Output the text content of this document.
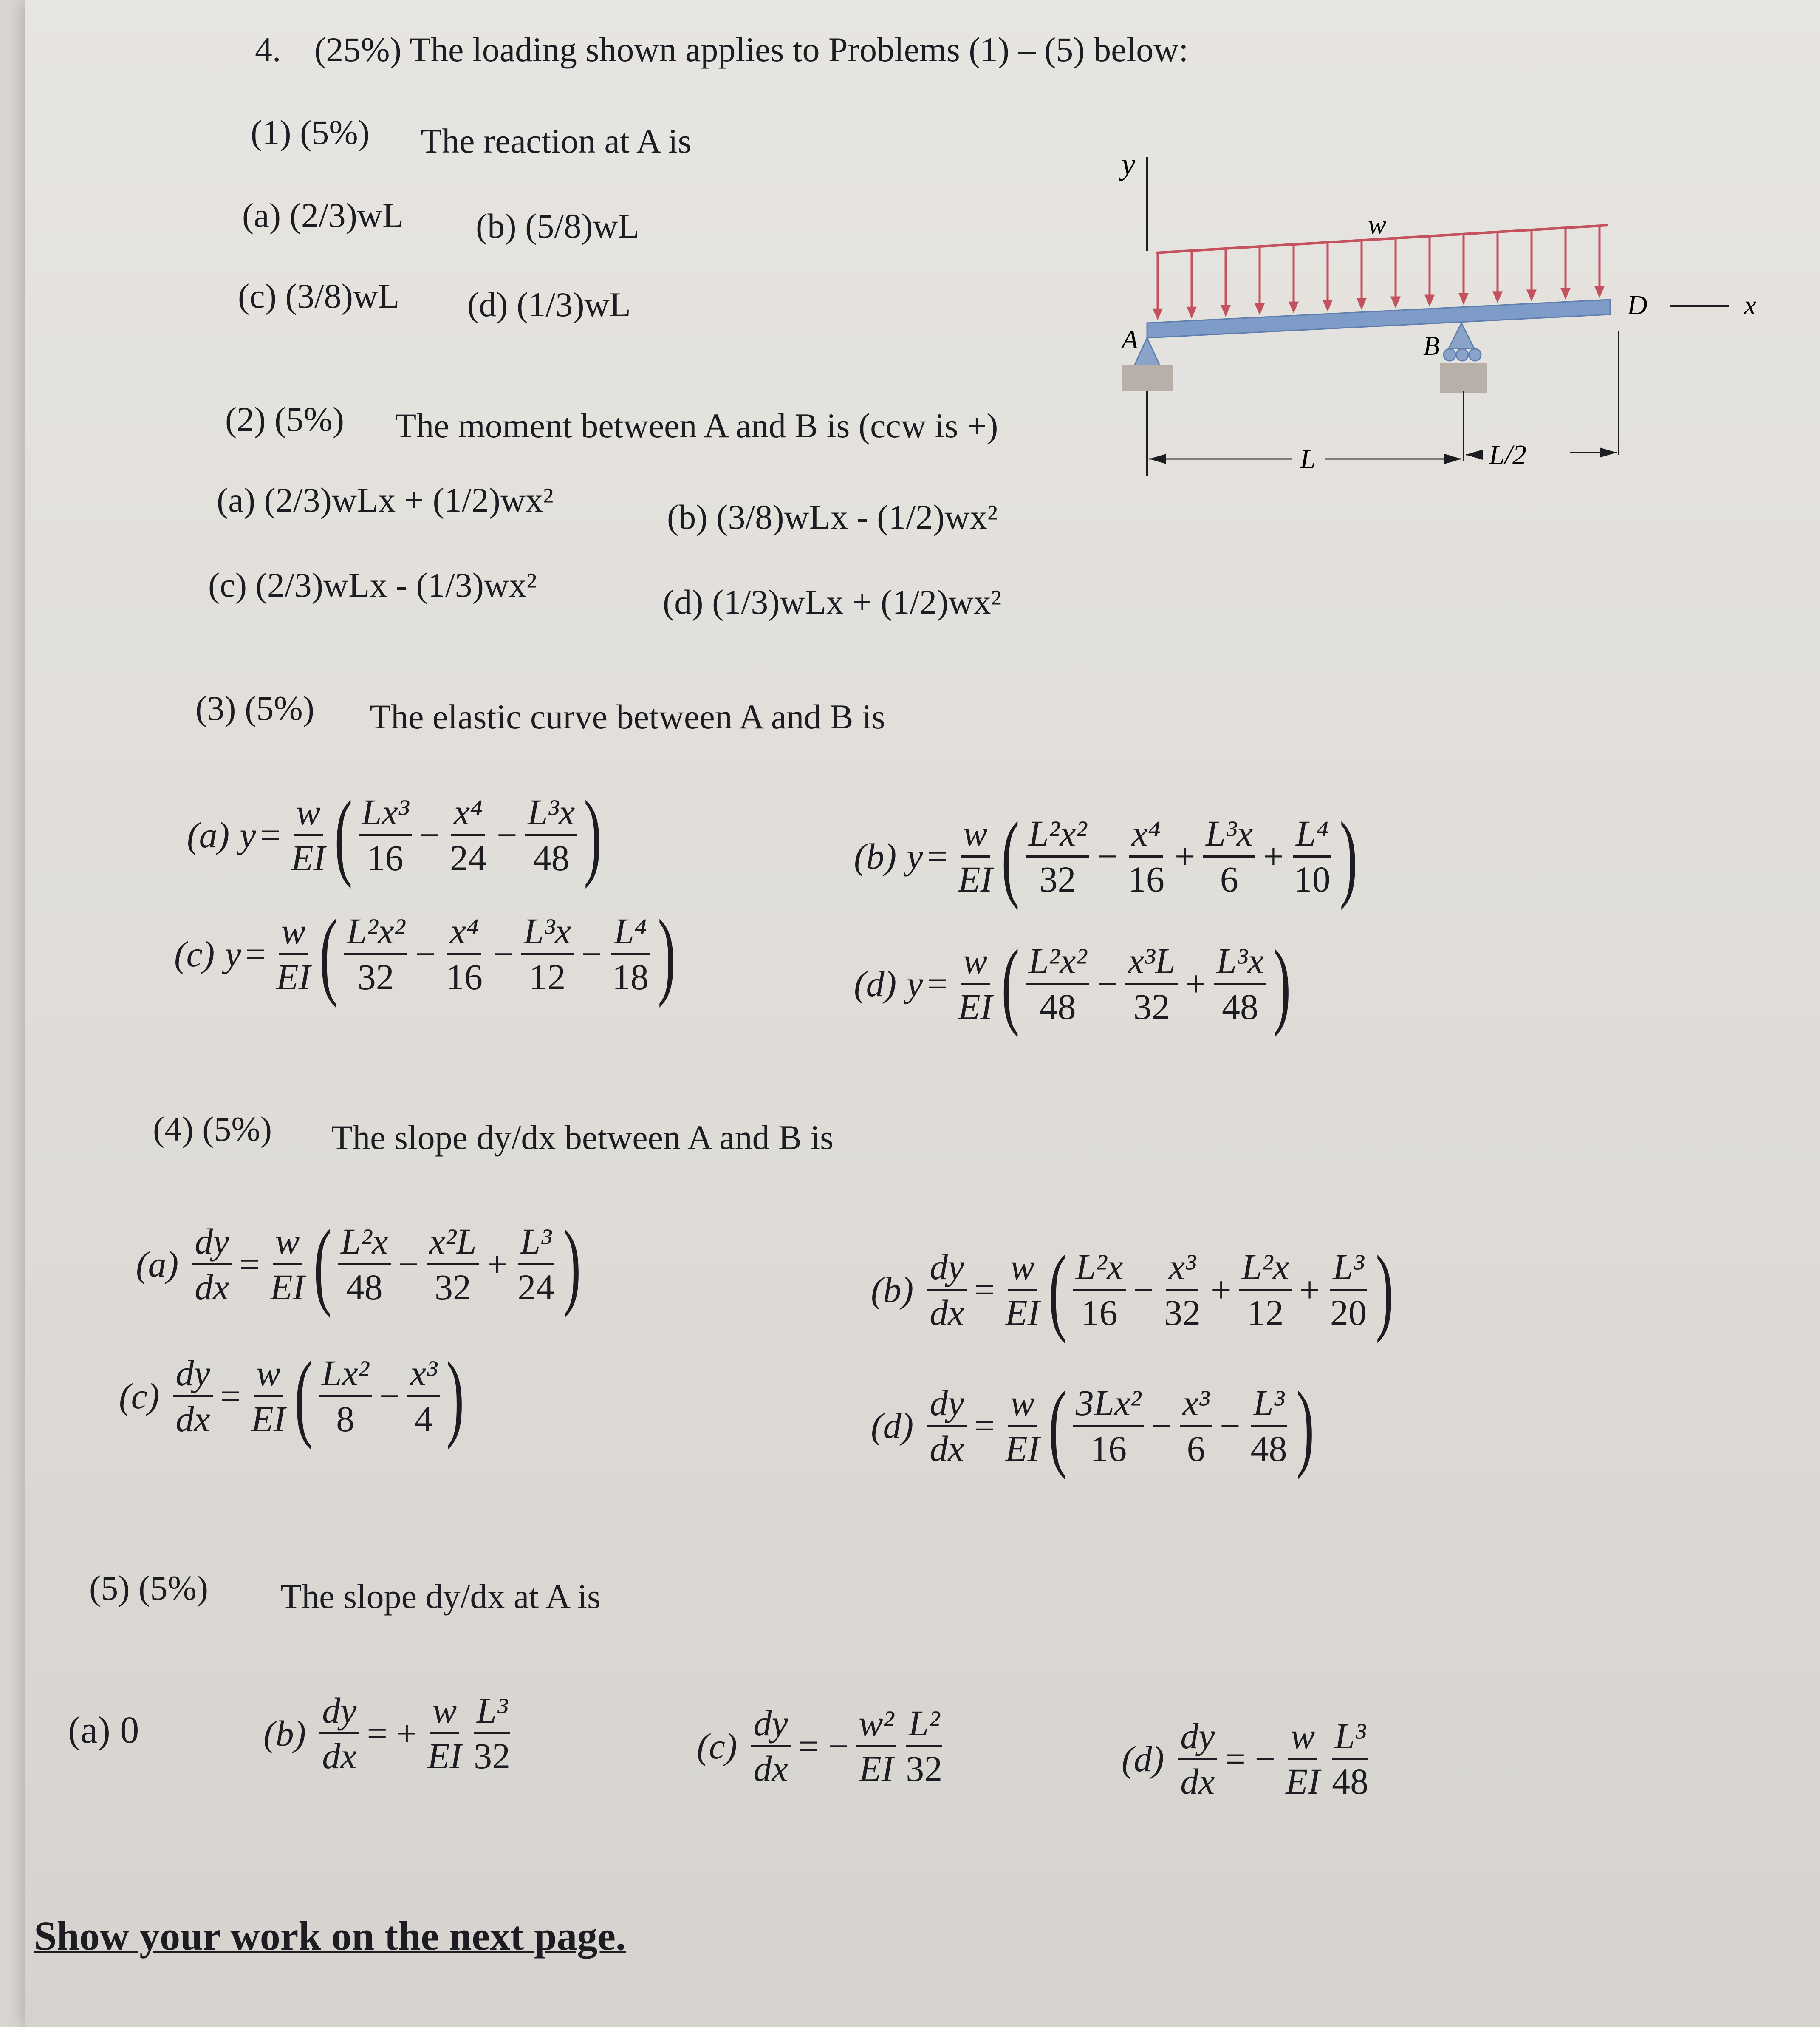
4. (25%) The loading shown applies to Problems (1) – (5) below:
(1) (5%) The reaction at A is
(a) (2/3)wL (b) (5/8)wL
(c) (3/8)wL (d) (1/3)wL
(2) (5%) The moment between A and B is (ccw is +)
(a) (2/3)wLx + (1/2)wx²	(b) (3/8)wLx - (1/2)wx²
(c) (2/3)wLx - (1/3)wx²	(d) (1/3)wLx + (1/2)wx²
(3) (5%) The elastic curve between A and B is
(a) $y = \frac{w}{EI}$ ( $\frac{\text{Lx³}}{16} - \frac{\text{x⁴}}{24} - \frac{\text{L³x}}{48}$ )	(b) $y = \frac{w}{EI}$ ( $\frac{\text{L²x²}}{32} - \frac{\text{x⁴}}{16} + \frac{\text{L³x}}{6} + \frac{\text{L⁴}}{10}$ )
(c) $y = \frac{w}{EI}$ ( $\frac{\text{L²x²}}{32} - \frac{\text{x⁴}}{16} - \frac{\text{L³x}}{12} - \frac{\text{L⁴}}{18}$ )	(d) $y = \frac{w}{EI}$ ( $\frac{\text{L²x²}}{48} - \frac{\text{x³L}}{32} + \frac{\text{L³x}}{48}$ )
(4) (5%) The slope dy/dx between A and B is
$(a) \frac{dy}{dx} = \frac{w}{EI}$ ( $\frac{\text{L²x}}{48} - \frac{\text{x²L}}{32} + \frac{\text{L³}}{24}$ )	$(b) \frac{dy}{dx} = \frac{w}{EI}$ ( $\frac{\text{L²x}}{16} - \frac{\text{x³}}{32} + \frac{\text{L²x}}{12} + \frac{\text{L³}}{20}$ )
$(c) \frac{dy}{dx} = \frac{w}{EI}$ ( $\frac{\text{Lx²}}{8} - \frac{\text{x³}}{4}$ )	$(d) \frac{dy}{dx} = \frac{w}{EI}$ ( $\frac{\text{3Lx²}}{16} - \frac{\text{x³}}{6} - \frac{\text{L³}}{48}$ )
(5) (5%) The slope dy/dx at A is
(a) 0	$(b) \frac{dy}{dx}$ = + $\frac{w}{EI} \frac{\text{L³}}{32}$	$(c) \frac{dy}{dx}$ = − $\frac{\text{w²}}{EI} \frac{\text{L²}}{32}$	$(d) \frac{dy}{dx}$ = − $\frac{w}{EI} \frac{\text{L³}}{48}$
Show your work on the next page.
y
w
A	B
D	x
L	L/2
